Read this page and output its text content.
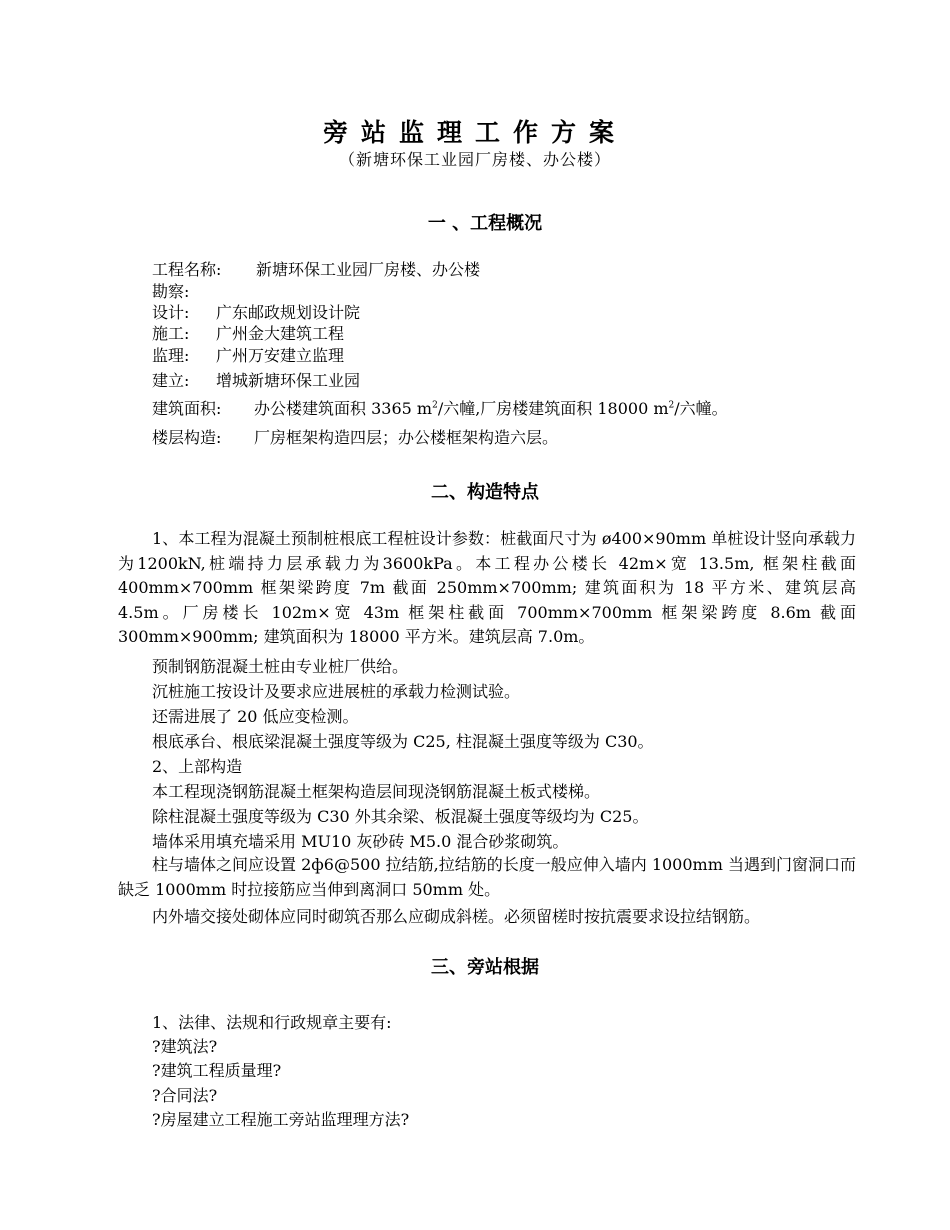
旁站监理工作方案

（新塘环保工业园厂房楼、办公楼）

一 、工程概况

工程名称: 新塘环保工业园厂房楼、办公楼

勘察:

设计: 广东邮政规划设计院

施工: 广州金大建筑工程

监理: 广州万安建立监理

建立: 增城新塘环保工业园

建筑面积: 办公楼建筑面积 3365 $m^2/$六幢,厂房楼建筑面积 18000 $m^2/$六幢。

楼层构造: 厂房框架构造四层；办公楼框架构造六层。

二、构造特点

1、本工程为混凝土预制桩根底工程桩设计参数：桩截面尺寸为 ø400×90mm 单桩设计竖向承载力为1200kN,桩端持力层承载力为3600kPa。本工程办公楼长 42m×宽 13.5m, 框架柱截面 400mm×700mm 框架梁跨度 7m 截面 250mm×700mm; 建筑面积为 18 平方米、建筑层高 4.5m。厂房楼长 102m×宽 43m 框架柱截面 700mm×700mm 框架梁跨度 8.6m 截面 300mm×900mm; 建筑面积为 18000 平方米。建筑层高 7.0m。

预制钢筋混凝土桩由专业桩厂供给。

沉桩施工按设计及要求应进展桩的承载力检测试验。

还需进展了 20 低应变检测。

根底承台、根底梁混凝土强度等级为 C25, 柱混凝土强度等级为 C30。

2、上部构造

本工程现浇钢筋混凝土框架构造层间现浇钢筋混凝土板式楼梯。

除柱混凝土强度等级为 C30 外其余梁、板混凝土强度等级均为 C25。

墙体采用填充墙采用 MU10 灰砂砖 M5.0 混合砂浆砌筑。

柱与墙体之间应设置 2ф6@500 拉结筋,拉结筋的长度一般应伸入墙内 1000mm 当遇到门窗洞口而缺乏 1000mm 时拉接筋应当伸到离洞口 50mm 处。

内外墙交接处砌体应同时砌筑否那么应砌成斜槎。必须留槎时按抗震要求设拉结钢筋。

三、旁站根据

1、法律、法规和行政规章主要有:

?建筑法?

?建筑工程质量理?

?合同法?

?房屋建立工程施工旁站监理理方法?
